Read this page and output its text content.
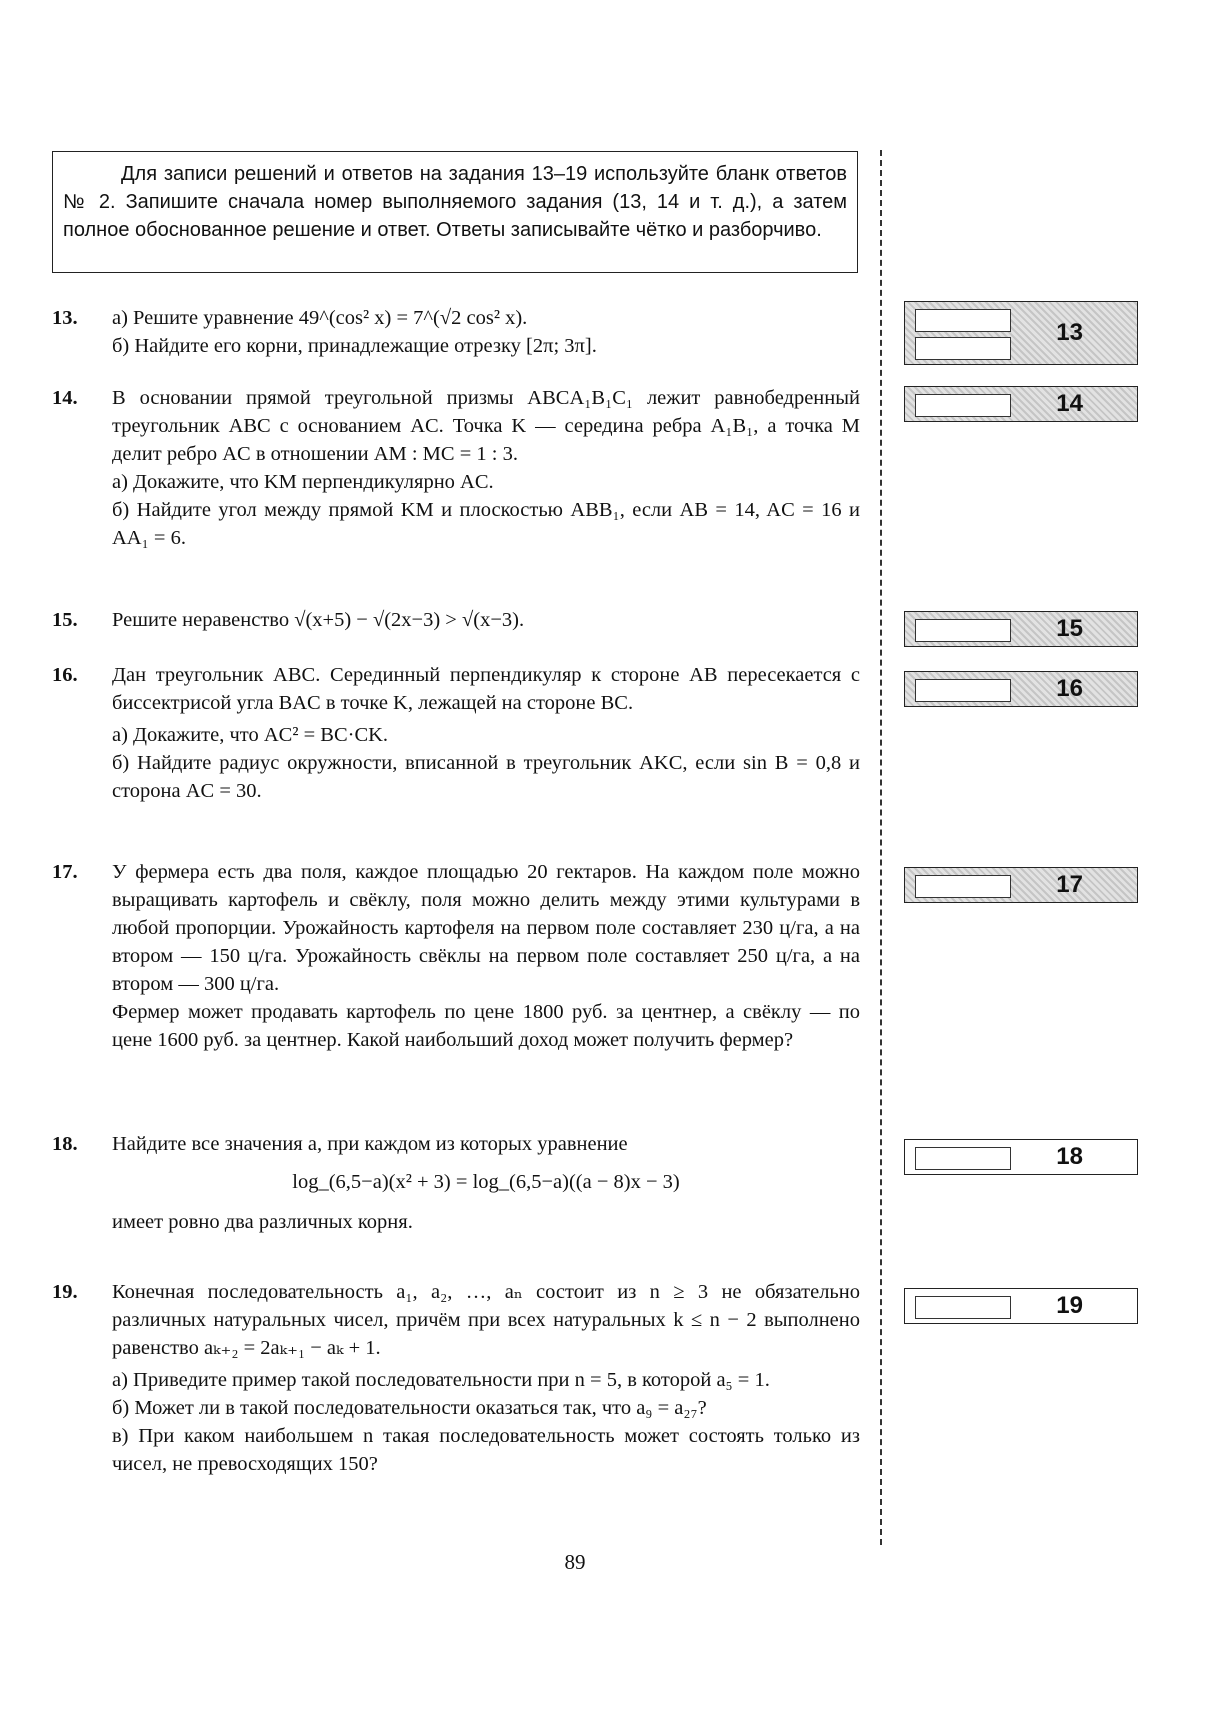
Для записи решений и ответов на задания 13–19 используйте бланк ответов № 2. Запишите сначала номер выполняемого задания (13, 14 и т. д.), а затем полное обоснованное решение и ответ. Ответы записывайте чётко и разборчиво.
13. а) Решите уравнение 49^(cos² x) = 7^(√2 cos² x).

б) Найдите его корни, принадлежащие отрезку [2π; 3π].

14. В основании прямой треугольной призмы ABCA₁B₁C₁ лежит равнобедренный треугольник ABC с основанием AC. Точка K — середина ребра A₁B₁, а точка M делит ребро AC в отношении AM : MC = 1 : 3.

а) Докажите, что KM перпендикулярно AC.

б) Найдите угол между прямой KM и плоскостью ABB₁, если AB = 14, AC = 16 и AA₁ = 6.

15. Решите неравенство √(x+5) − √(2x−3) > √(x−3).

16. Дан треугольник ABC. Серединный перпендикуляр к стороне AB пересекается с биссектрисой угла BAC в точке K, лежащей на стороне BC.

а) Докажите, что AC² = BC·CK.

б) Найдите радиус окружности, вписанной в треугольник AKC, если sin B = 0,8 и сторона AC = 30.

17. У фермера есть два поля, каждое площадью 20 гектаров. На каждом поле можно выращивать картофель и свёклу, поля можно делить между этими культурами в любой пропорции. Урожайность картофеля на первом поле составляет 230 ц/га, а на втором — 150 ц/га. Урожайность свёклы на первом поле составляет 250 ц/га, а на втором — 300 ц/га.

Фермер может продавать картофель по цене 1800 руб. за центнер, а свёклу — по цене 1600 руб. за центнер. Какой наибольший доход может получить фермер?

18. Найдите все значения a, при каждом из которых уравнение

log_(6,5−a)(x² + 3) = log_(6,5−a)((a − 8)x − 3)

имеет ровно два различных корня.

19. Конечная последовательность a₁, a₂, …, aₙ состоит из n ≥ 3 не обязательно различных натуральных чисел, причём при всех натуральных k ≤ n − 2 выполнено равенство aₖ₊₂ = 2aₖ₊₁ − aₖ + 1.

а) Приведите пример такой последовательности при n = 5, в которой a₅ = 1.

б) Может ли в такой последовательности оказаться так, что a₉ = a₂₇?

в) При каком наибольшем n такая последовательность может состоять только из чисел, не превосходящих 150?

13
14
15
16
17
18
19
89
